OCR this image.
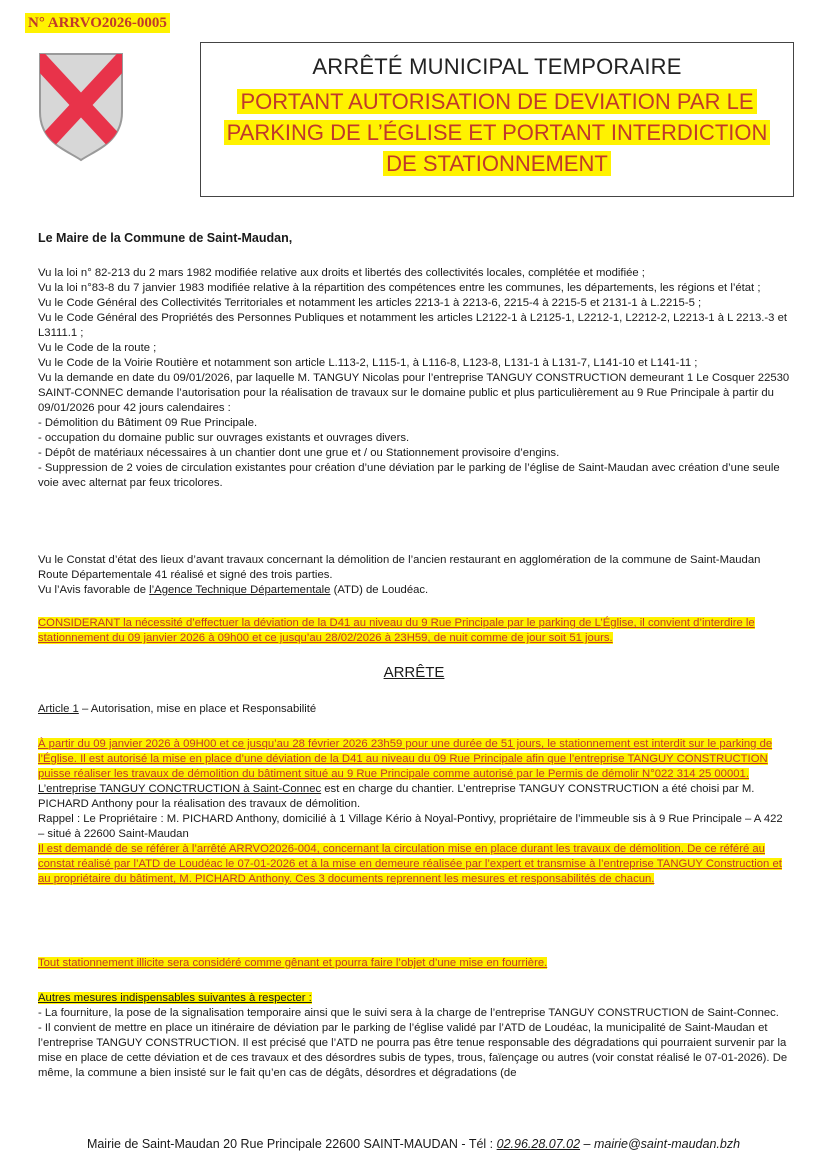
N° ARRVO2026-0005
ARRÊTÉ MUNICIPAL TEMPORAIRE
PORTANT AUTORISATION DE DEVIATION PAR LE
PARKING DE L’ÉGLISE ET PORTANT INTERDICTION
DE STATIONNEMENT
Le Maire de la Commune de Saint-Maudan,

Vu la loi n° 82-213 du 2 mars 1982 modifiée relative aux droits et libertés des collectivités locales, complétée et modifiée ;

Vu la loi n°83-8 du 7 janvier 1983 modifiée relative à la répartition des compétences entre les communes, les départements, les régions et l’état ;

Vu le Code Général des Collectivités Territoriales et notamment les articles 2213-1 à 2213-6, 2215-4 à 2215-5 et 2131-1 à L.2215-5 ;

Vu le Code Général des Propriétés des Personnes Publiques et notamment les articles L2122-1 à L2125-1, L2212-1, L2212-2, L2213-1 à L 2213.-3 et L3111.1 ;

Vu le Code de la route ;

Vu le Code de la Voirie Routière et notamment son article L.113-2, L115-1, à L116-8, L123-8, L131-1 à L131-7, L141-10 et L141-11 ;

Vu la demande en date du 09/01/2026, par laquelle M. TANGUY Nicolas pour l’entreprise TANGUY CONSTRUCTION demeurant 1 Le Cosquer 22530 SAINT-CONNEC demande l’autorisation pour la réalisation de travaux sur le domaine public et plus particulièrement au 9 Rue Principale à partir du 09/01/2026 pour 42 jours calendaires :

- Démolition du Bâtiment 09 Rue Principale.

- occupation du domaine public sur ouvrages existants et ouvrages divers.

- Dépôt de matériaux nécessaires à un chantier dont une grue et / ou Stationnement provisoire d’engins.

- Suppression de 2 voies de circulation existantes pour création d’une déviation par le parking de l’église de Saint-Maudan avec création d’une seule voie avec alternat par feux tricolores.

Vu le Constat d’état des lieux d’avant travaux concernant la démolition de l’ancien restaurant en agglomération de la commune de Saint-Maudan Route Départementale 41 réalisé et signé des trois parties.

Vu l’Avis favorable de l’Agence Technique Départementale (ATD) de Loudéac.

CONSIDERANT la nécessité d’effectuer la déviation de la D41 au niveau du 9 Rue Principale par le parking de L’Église, il convient d’interdire le stationnement du 09 janvier 2026 à 09h00 et ce jusqu’au 28/02/2026 à 23H59, de nuit comme de jour soit 51 jours.

ARRÊTE
Article 1 – Autorisation, mise en place et Responsabilité

À partir du 09 janvier 2026 à 09H00 et ce jusqu’au 28 février 2026 23h59 pour une durée de 51 jours, le stationnement est interdit sur le parking de l’Église. Il est autorisé la mise en place d’une déviation de la D41 au niveau du 09 Rue Principale afin que l’entreprise TANGUY CONSTRUCTION puisse réaliser les travaux de démolition du bâtiment situé au 9 Rue Principale comme autorisé par le Permis de démolir N°022 314 25 00001.

L’entreprise TANGUY CONCTRUCTION à Saint-Connec est en charge du chantier. L’entreprise TANGUY CONSTRUCTION a été choisi par M. PICHARD Anthony pour la réalisation des travaux de démolition.

Rappel : Le Propriétaire : M. PICHARD Anthony, domicilié à 1 Village Kério à Noyal-Pontivy, propriétaire de l’immeuble sis à 9 Rue Principale – A 422 – situé à 22600 Saint-Maudan

Il est demandé de se référer à l’arrêté ARRVO2026-004, concernant la circulation mise en place durant les travaux de démolition. De ce référé au constat réalisé par l’ATD de Loudéac le 07-01-2026 et à la mise en demeure réalisée par l’expert et transmise à l’entreprise TANGUY Construction et au propriétaire du bâtiment, M. PICHARD Anthony. Ces 3 documents reprennent les mesures et responsabilités de chacun.

Tout stationnement illicite sera considéré comme gênant et pourra faire l’objet d’une mise en fourrière.

Autres mesures indispensables suivantes à respecter :

- La fourniture, la pose de la signalisation temporaire ainsi que le suivi sera à la charge de l’entreprise TANGUY CONSTRUCTION de Saint-Connec.

- Il convient de mettre en place un itinéraire de déviation par le parking de l’église validé par l’ATD de Loudéac, la municipalité de Saint-Maudan et l’entreprise TANGUY CONSTRUCTION. Il est précisé que l’ATD ne pourra pas être tenue responsable des dégradations qui pourraient survenir par la mise en place de cette déviation et de ces travaux et des désordres subis de types, trous, faïençage ou autres (voir constat réalisé le 07-01-2026). De même, la commune a bien insisté sur le fait qu’en cas de dégâts, désordres et dégradations (de

Mairie de Saint-Maudan 20 Rue Principale 22600 SAINT-MAUDAN - Tél : 02.96.28.07.02 – mairie@saint-maudan.bzh
